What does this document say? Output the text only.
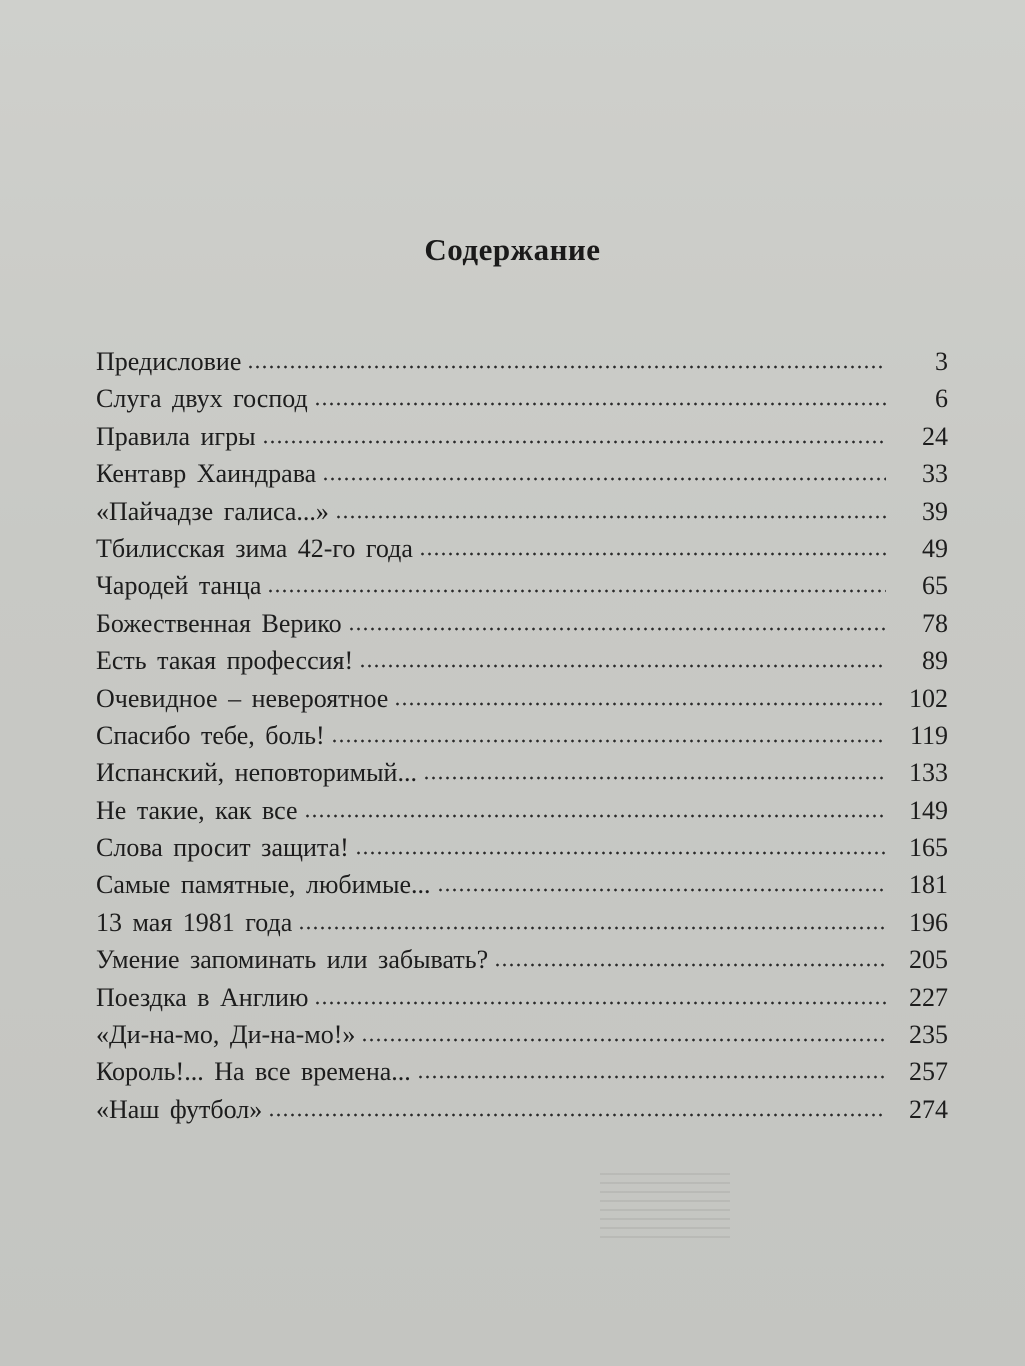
Содержание
Предисловие	3
Слуга двух господ	6
Правила игры	24
Кентавр Хаиндрава	33
«Пайчадзе галиса...»	39
Тбилисская зима 42-го года	49
Чародей танца	65
Божественная Верико	78
Есть такая профессия!	89
Очевидное – невероятное	102
Спасибо тебе, боль!	119
Испанский, неповторимый...	133
Не такие, как все	149
Слова просит защита!	165
Самые памятные, любимые...	181
13 мая 1981 года	196
Умение запоминать или забывать?	205
Поездка в Англию	227
«Ди-на-мо, Ди-на-мо!»	235
Король!... На все времена...	257
«Наш футбол»	274
